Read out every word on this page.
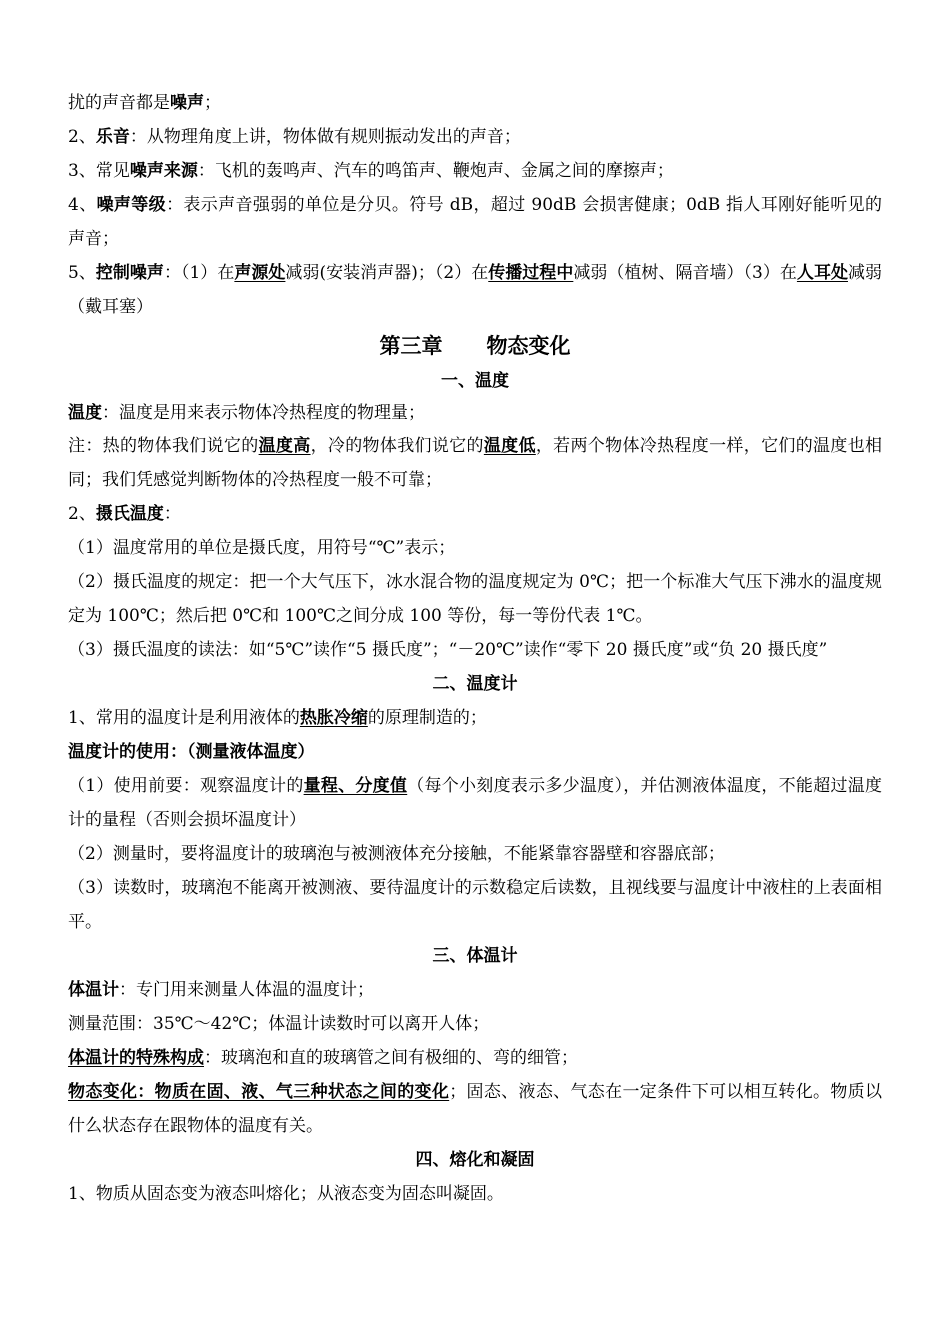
扰的声音都是噪声；

2、乐音：从物理角度上讲，物体做有规则振动发出的声音；

3、常见噪声来源：飞机的轰鸣声、汽车的鸣笛声、鞭炮声、金属之间的摩擦声；

4、噪声等级：表示声音强弱的单位是分贝。符号 dB，超过 90dB 会损害健康；0dB 指人耳刚好能听见的声音；

5、控制噪声：（1）在声源处减弱(安装消声器)；（2）在传播过程中减弱（植树、隔音墙）（3）在人耳处减弱（戴耳塞）

第三章 物态变化

一、温度

温度：温度是用来表示物体冷热程度的物理量；

注：热的物体我们说它的温度高，冷的物体我们说它的温度低，若两个物体冷热程度一样，它们的温度也相同；我们凭感觉判断物体的冷热程度一般不可靠；

2、摄氏温度：

（1）温度常用的单位是摄氏度，用符号“℃”表示；

（2）摄氏温度的规定：把一个大气压下，冰水混合物的温度规定为 0℃；把一个标准大气压下沸水的温度规定为 100℃；然后把 0℃和 100℃之间分成 100 等份，每一等份代表 1℃。

（3）摄氏温度的读法：如“5℃”读作“5 摄氏度”；“－20℃”读作“零下 20 摄氏度”或“负 20 摄氏度”

二、温度计

1、常用的温度计是利用液体的热胀冷缩的原理制造的；

温度计的使用：（测量液体温度）

（1）使用前要：观察温度计的量程、分度值（每个小刻度表示多少温度），并估测液体温度，不能超过温度计的量程（否则会损坏温度计）

（2）测量时，要将温度计的玻璃泡与被测液体充分接触，不能紧靠容器壁和容器底部；

（3）读数时，玻璃泡不能离开被测液、要待温度计的示数稳定后读数，且视线要与温度计中液柱的上表面相平。

三、体温计

体温计：专门用来测量人体温的温度计；

测量范围：35℃～42℃；体温计读数时可以离开人体；

体温计的特殊构成：玻璃泡和直的玻璃管之间有极细的、弯的细管；

物态变化：物质在固、液、气三种状态之间的变化；固态、液态、气态在一定条件下可以相互转化。物质以什么状态存在跟物体的温度有关。

四、熔化和凝固

1、物质从固态变为液态叫熔化；从液态变为固态叫凝固。
